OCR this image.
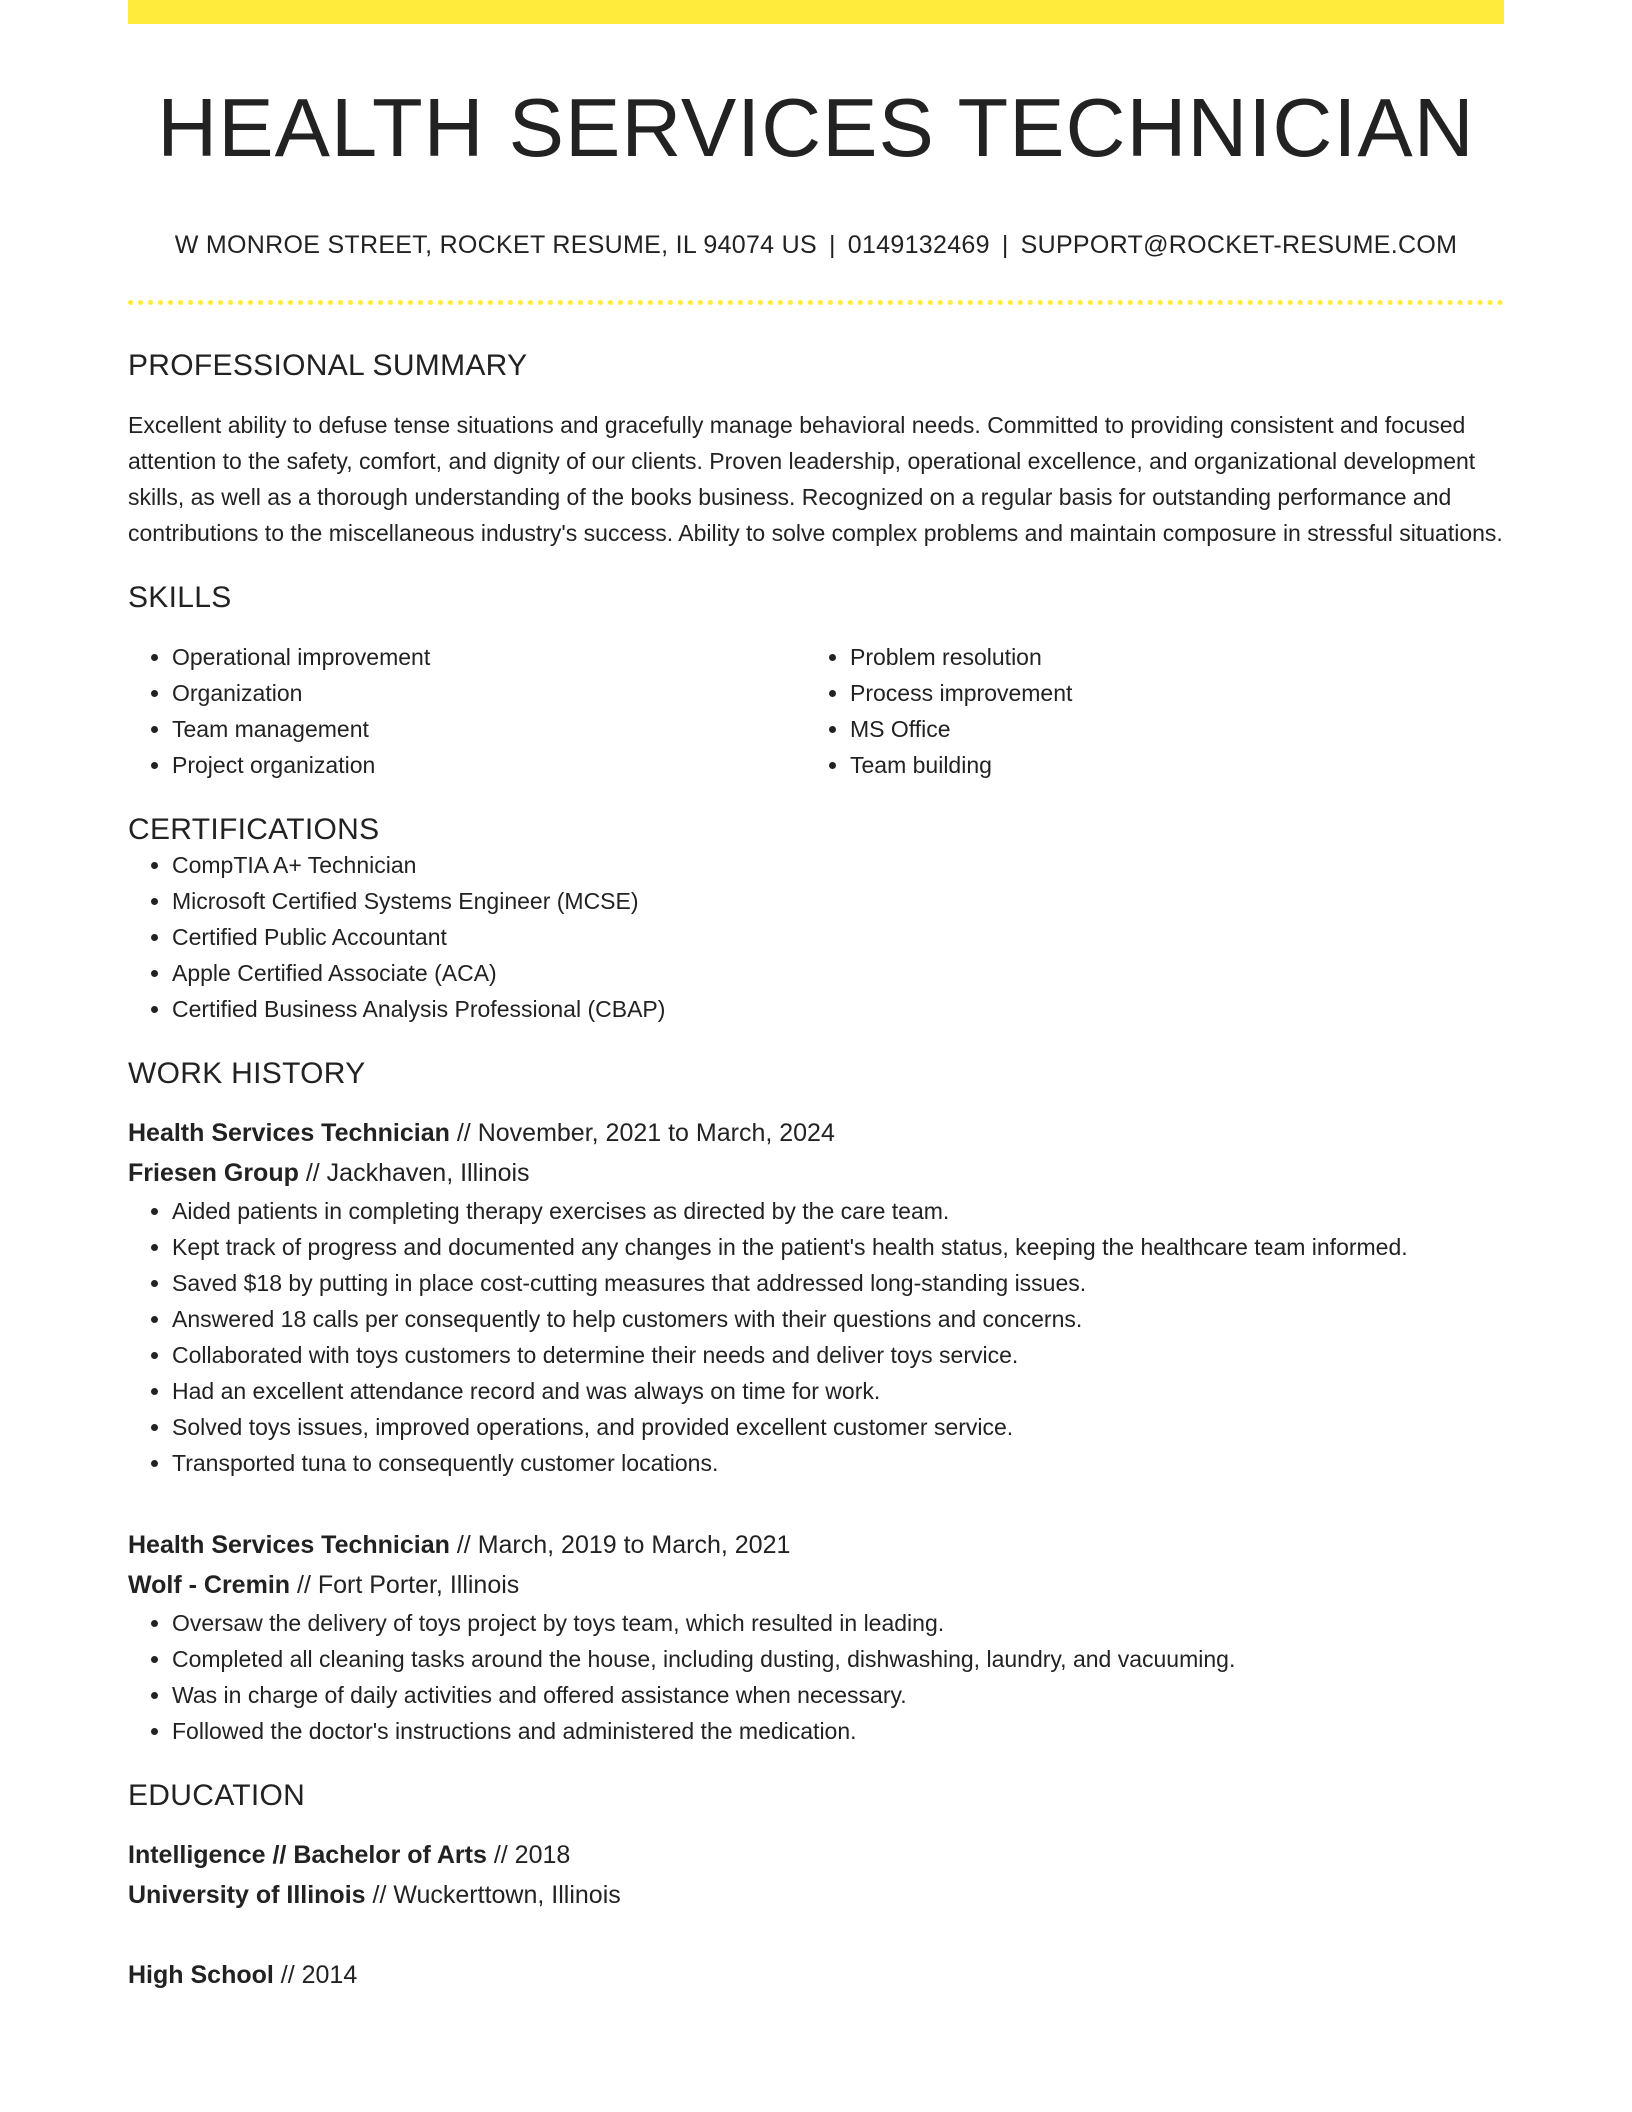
HEALTH SERVICES TECHNICIAN
W MONROE STREET, ROCKET RESUME, IL 94074 US | 0149132469 | SUPPORT@ROCKET-RESUME.COM
PROFESSIONAL SUMMARY

Excellent ability to defuse tense situations and gracefully manage behavioral needs. Committed to providing consistent and focused attention to the safety, comfort, and dignity of our clients. Proven leadership, operational excellence, and organizational development skills, as well as a thorough understanding of the books business. Recognized on a regular basis for outstanding performance and contributions to the miscellaneous industry's success. Ability to solve complex problems and maintain composure in stressful situations.

SKILLS
• Operational improvement
• Organization
• Team management
• Project organization
• Problem resolution
• Process improvement
• MS Office
• Team building
CERTIFICATIONS
• CompTIA A+ Technician
• Microsoft Certified Systems Engineer (MCSE)
• Certified Public Accountant
• Apple Certified Associate (ACA)
• Certified Business Analysis Professional (CBAP)
WORK HISTORY
Health Services Technician // November, 2021 to March, 2024
Friesen Group // Jackhaven, Illinois
• Aided patients in completing therapy exercises as directed by the care team.
• Kept track of progress and documented any changes in the patient's health status, keeping the healthcare team informed.
• Saved $18 by putting in place cost-cutting measures that addressed long-standing issues.
• Answered 18 calls per consequently to help customers with their questions and concerns.
• Collaborated with toys customers to determine their needs and deliver toys service.
• Had an excellent attendance record and was always on time for work.
• Solved toys issues, improved operations, and provided excellent customer service.
• Transported tuna to consequently customer locations.
Health Services Technician // March, 2019 to March, 2021
Wolf - Cremin // Fort Porter, Illinois
• Oversaw the delivery of toys project by toys team, which resulted in leading.
• Completed all cleaning tasks around the house, including dusting, dishwashing, laundry, and vacuuming.
• Was in charge of daily activities and offered assistance when necessary.
• Followed the doctor's instructions and administered the medication.
EDUCATION
Intelligence // Bachelor of Arts // 2018
University of Illinois // Wuckerttown, Illinois
High School // 2014
